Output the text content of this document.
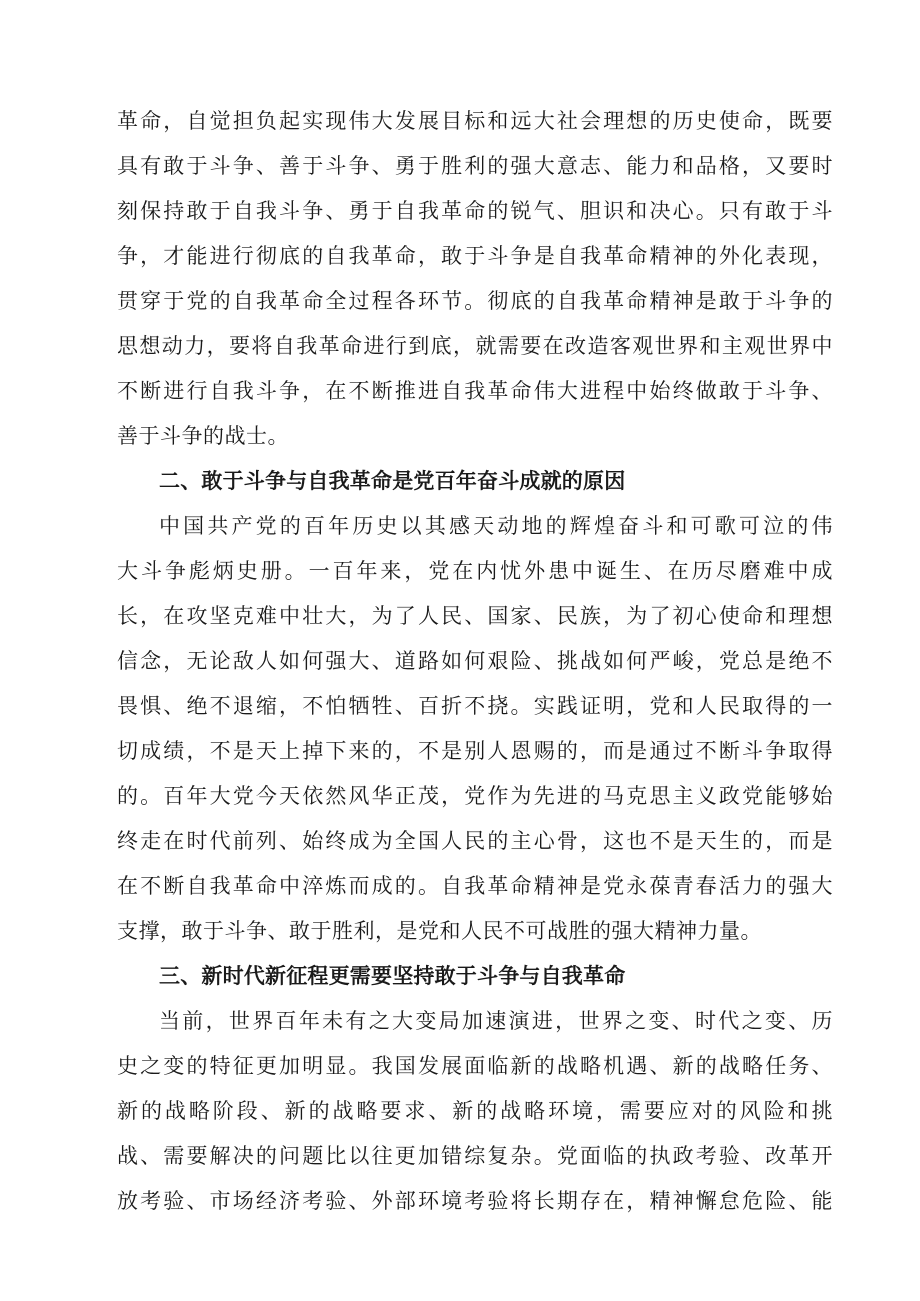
革命，自觉担负起实现伟大发展目标和远大社会理想的历史使命，既要
具有敢于斗争、善于斗争、勇于胜利的强大意志、能力和品格，又要时
刻保持敢于自我斗争、勇于自我革命的锐气、胆识和决心。只有敢于斗
争，才能进行彻底的自我革命，敢于斗争是自我革命精神的外化表现，
贯穿于党的自我革命全过程各环节。彻底的自我革命精神是敢于斗争的
思想动力，要将自我革命进行到底，就需要在改造客观世界和主观世界中
不断进行自我斗争，在不断推进自我革命伟大进程中始终做敢于斗争、
善于斗争的战士。
二、敢于斗争与自我革命是党百年奋斗成就的原因
中国共产党的百年历史以其感天动地的辉煌奋斗和可歌可泣的伟
大斗争彪炳史册。一百年来，党在内忧外患中诞生、在历尽磨难中成
长，在攻坚克难中壮大，为了人民、国家、民族，为了初心使命和理想
信念，无论敌人如何强大、道路如何艰险、挑战如何严峻，党总是绝不
畏惧、绝不退缩，不怕牺牲、百折不挠。实践证明，党和人民取得的一
切成绩，不是天上掉下来的，不是别人恩赐的，而是通过不断斗争取得
的。百年大党今天依然风华正茂，党作为先进的马克思主义政党能够始
终走在时代前列、始终成为全国人民的主心骨，这也不是天生的，而是
在不断自我革命中淬炼而成的。自我革命精神是党永葆青春活力的强大
支撑，敢于斗争、敢于胜利，是党和人民不可战胜的强大精神力量。
三、新时代新征程更需要坚持敢于斗争与自我革命
当前，世界百年未有之大变局加速演进，世界之变、时代之变、历
史之变的特征更加明显。我国发展面临新的战略机遇、新的战略任务、
新的战略阶段、新的战略要求、新的战略环境，需要应对的风险和挑
战、需要解决的问题比以往更加错综复杂。党面临的执政考验、改革开
放考验、市场经济考验、外部环境考验将长期存在，精神懈怠危险、能
